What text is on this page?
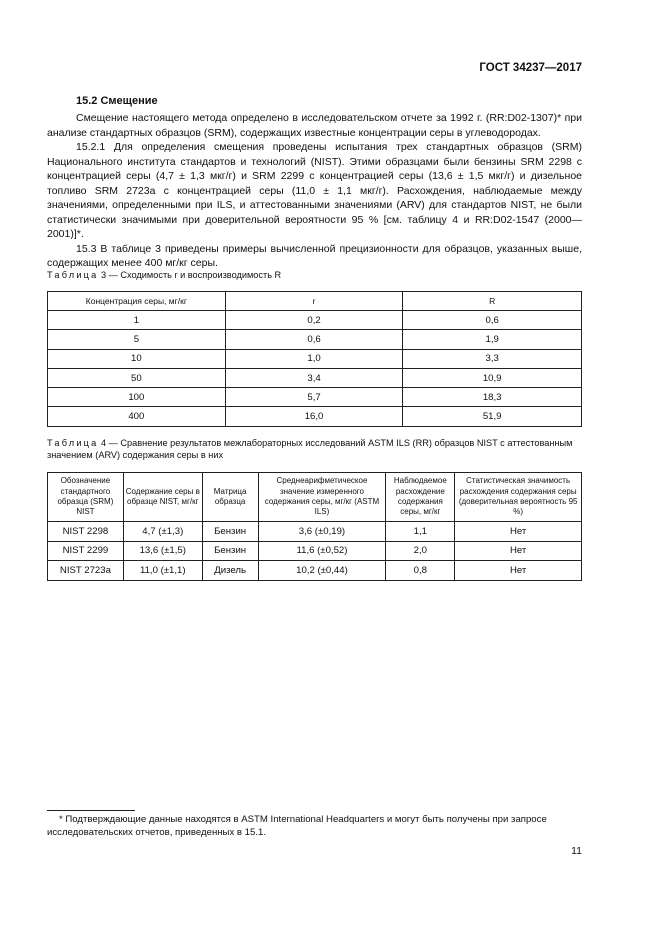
ГОСТ 34237—2017
15.2 Смещение

Смещение настоящего метода определено в исследовательском отчете за 1992 г. (RR:D02-1307)* при анализе стандартных образцов (SRM), содержащих известные концентрации серы в углеводородах.

15.2.1 Для определения смещения проведены испытания трех стандартных образцов (SRM) Национального института стандартов и технологий (NIST). Этими образцами были бензины SRM 2298 с концентрацией серы (4,7 ± 1,3 мкг/г) и SRM 2299 с концентрацией серы (13,6 ± 1,5 мкг/г) и дизельное топливо SRM 2723a с концентрацией серы (11,0 ± 1,1 мкг/г). Расхождения, наблюдаемые между значениями, определенными при ILS, и аттестованными значениями (ARV) для стандартов NIST, не были статистически значимыми при доверительной вероятности 95 % [см. таблицу 4 и RR:D02-1547 (2000—2001)]*.

15.3 В таблице 3 приведены примеры вычисленной прецизионности для образцов, указанных выше, содержащих менее 400 мг/кг серы.

Таблица 3 — Сходимость r и воспроизводимость R
Концентрация серы, мг/кг	r	R
1	0,2	0,6
5	0,6	1,9
10	1,0	3,3
50	3,4	10,9
100	5,7	18,3
400	16,0	51,9
Таблица 4 — Сравнение результатов межлабораторных исследований ASTM ILS (RR) образцов NIST с аттестованным значением (ARV) содержания серы в них
Обозначение стандартного образца (SRM) NIST	Содержание серы в образце NIST, мг/кг	Матрица образца	Среднеарифметическое значение измеренного содержания серы, мг/кг (ASTM ILS)	Наблюдаемое расхождение содержания серы, мг/кг	Статистическая значимость расхождения содержания серы (доверительная вероятность 95 %)
NIST 2298	4,7 (±1,3)	Бензин	3,6 (±0,19)	1,1	Нет
NIST 2299	13,6 (±1,5)	Бензин	11,6 (±0,52)	2,0	Нет
NIST 2723a	11,0 (±1,1)	Дизель	10,2 (±0,44)	0,8	Нет

* Подтверждающие данные находятся в ASTM International Headquarters и могут быть получены при запросе исследовательских отчетов, приведенных в 15.1.

11
